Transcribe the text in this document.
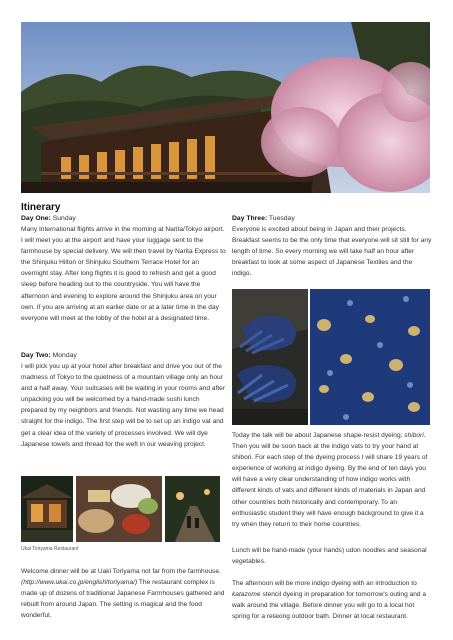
Itinerary
Day One: Sunday

Many International flights arrive in the morning at Narita/Tokyo airport. I will meet you at the airport and have your luggage sent to the farmhouse by special delivery. We will then travel by Narita Express to the Shinjuku Hilton or Shinjuku Southern Terrace Hotel for an overnight stay. After long flights it is good to refresh and get a good sleep before heading out to the countryside. You will have the afternoon and evening to explore around the Shinjuku area on your own. If you are arriving at an earlier date or at a later time in the day everyone will meet at the lobby of the hotel at a designated time.

Day Two: Monday

I will pick you up at your hotel after breakfast and drive you out of the madness of Tokyo to the quietness of a mountain village only an hour and a half away. Your suitcases will be waiting in your rooms and after unpacking you will be welcomed by a hand-made sushi lunch prepared by my neighbors and friends. Not wasting any time we head straight for the indigo. The first step will be to set up an indigo vat and get a clear idea of the variety of processes involved. We will dye Japanese towels and thread for the weft in our weaving project.

Ukai Toriyama Restaurant

Welcome dinner will be at Uaki Toriyama not far from the farmhouse. (http://www.ukai.co.jp/english/toriyama/) The restaurant complex is made up of dozens of traditional Japanese Farmhouses gathered and rebuilt from around Japan. The setting is magical and the food wonderful.

Day Three: Tuesday

Everyone is excited about being in Japan and their projects. Breakfast seems to be the only time that everyone will sit still for any length of time. So every morning we will take half an hour after breakfast to look at some aspect of Japanese Textiles and the indigo.

Today the talk will be about Japanese shape-resist dyeing, shibori. Then you will be soon back at the indigo vats to try your hand at shibori. For each step of the dyeing process I will share 19 years of experience of working at indigo dyeing. By the end of ten days you will have a very clear understanding of how indigo works with different kinds of vats and different kinds of materials in Japan and other countries both historically and contemporary. To an enthusiastic student they will have enough background to give it a try when they return to their home countries.

Lunch will be hand-made (your hands) udon noodles and seasonal vegetables.

The afternoon will be more indigo dyeing with an introduction to katazome stencil dyeing in preparation for tomorrow's outing and a walk around the village. Before dinner you will go to a local hot spring for a relaxing outdoor bath. Dinner at local restaurant.
